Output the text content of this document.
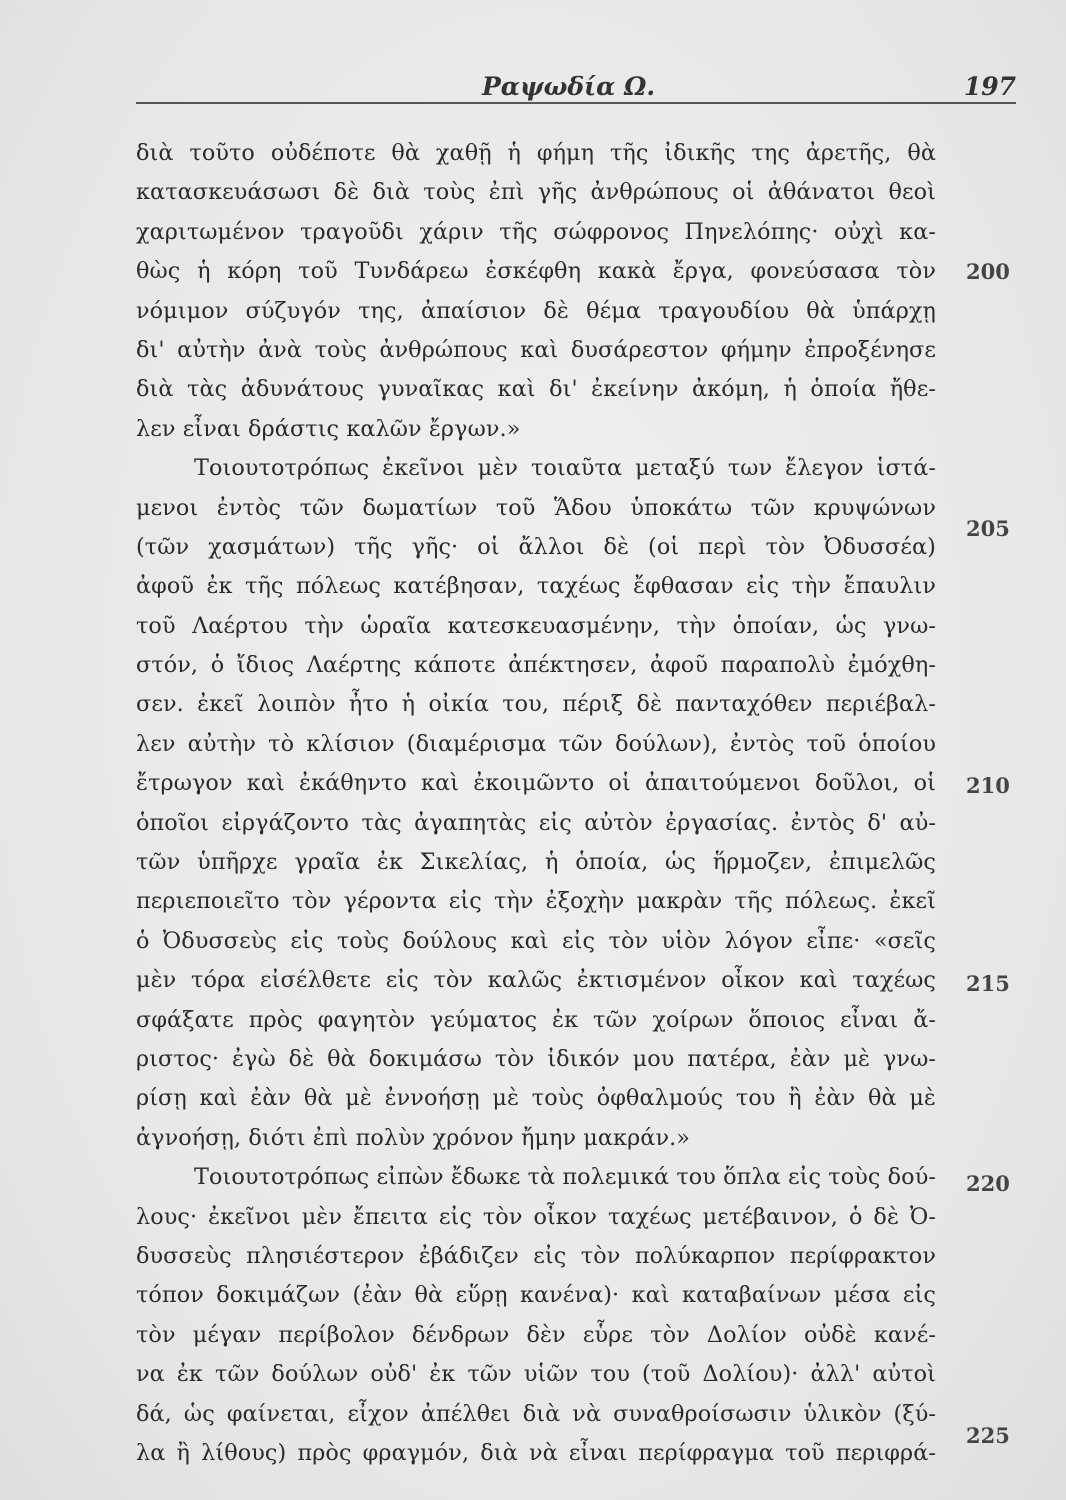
Ραψωδία Ω.	197
διὰ τοῦτο οὐδέποτε θὰ χαθῇ ἡ φήμη τῆς ἰδικῆς της ἀρετῆς, θὰ
κατασκευάσωσι δὲ διὰ τοὺς ἐπὶ γῆς ἀνθρώπους οἱ ἀθάνατοι θεοὶ
χαριτωμένον τραγοῦδι χάριν τῆς σώφρονος Πηνελόπης· οὐχὶ κα-
θὼς ἡ κόρη τοῦ Τυνδάρεω ἐσκέφθη κακὰ ἔργα, φονεύσασα τὸν
νόμιμον σύζυγόν της, ἀπαίσιον δὲ θέμα τραγουδίου θὰ ὑπάρχῃ
δι' αὐτὴν ἀνὰ τοὺς ἀνθρώπους καὶ δυσάρεστον φήμην ἐπροξένησε
διὰ τὰς ἀδυνάτους γυναῖκας καὶ δι' ἐκείνην ἀκόμη, ἡ ὁποία ἤθε-
λεν εἶναι δράστις καλῶν ἔργων.»
Τοιουτοτρόπως ἐκεῖνοι μὲν τοιαῦτα μεταξύ των ἔλεγον ἱστά-
μενοι ἐντὸς τῶν δωματίων τοῦ Ἅδου ὑποκάτω τῶν κρυψώνων
(τῶν χασμάτων) τῆς γῆς· οἱ ἄλλοι δὲ (οἱ περὶ τὸν Ὀδυσσέα)
ἀφοῦ ἐκ τῆς πόλεως κατέβησαν, ταχέως ἔφθασαν εἰς τὴν ἔπαυλιν
τοῦ Λαέρτου τὴν ὡραῖα κατεσκευασμένην, τὴν ὁποίαν, ὡς γνω-
στόν, ὁ ἴδιος Λαέρτης κάποτε ἀπέκτησεν, ἀφοῦ παραπολὺ ἐμόχθη-
σεν. ἐκεῖ λοιπὸν ἦτο ἡ οἰκία του, πέριξ δὲ πανταχόθεν περιέβαλ-
λεν αὐτὴν τὸ κλίσιον (διαμέρισμα τῶν δούλων), ἐντὸς τοῦ ὁποίου
ἔτρωγον καὶ ἐκάθηντο καὶ ἐκοιμῶντο οἱ ἀπαιτούμενοι δοῦλοι, οἱ
ὁποῖοι εἰργάζοντο τὰς ἀγαπητὰς εἰς αὐτὸν ἐργασίας. ἐντὸς δ' αὐ-
τῶν ὑπῆρχε γραῖα ἐκ Σικελίας, ἡ ὁποία, ὡς ἥρμοζεν, ἐπιμελῶς
περιεποιεῖτο τὸν γέροντα εἰς τὴν ἐξοχὴν μακρὰν τῆς πόλεως. ἐκεῖ
ὁ Ὀδυσσεὺς εἰς τοὺς δούλους καὶ εἰς τὸν υἱὸν λόγον εἶπε· «σεῖς
μὲν τόρα εἰσέλθετε εἰς τὸν καλῶς ἐκτισμένον οἶκον καὶ ταχέως
σφάξατε πρὸς φαγητὸν γεύματος ἐκ τῶν χοίρων ὅποιος εἶναι ἄ-
ριστος· ἐγὼ δὲ θὰ δοκιμάσω τὸν ἰδικόν μου πατέρα, ἐὰν μὲ γνω-
ρίσῃ καὶ ἐὰν θὰ μὲ ἐννοήσῃ μὲ τοὺς ὀφθαλμούς του ἢ ἐὰν θὰ μὲ
ἀγνοήσῃ, διότι ἐπὶ πολὺν χρόνον ἤμην μακράν.»
Τοιουτοτρόπως εἰπὼν ἔδωκε τὰ πολεμικά του ὅπλα εἰς τοὺς δού-
λους· ἐκεῖνοι μὲν ἔπειτα εἰς τὸν οἶκον ταχέως μετέβαινον, ὁ δὲ Ὀ-
δυσσεὺς πλησιέστερον ἐβάδιζεν εἰς τὸν πολύκαρπον περίφρακτον
τόπον δοκιμάζων (ἐὰν θὰ εὕρῃ κανένα)· καὶ καταβαίνων μέσα εἰς
τὸν μέγαν περίβολον δένδρων δὲν εὗρε τὸν Δολίον οὐδὲ κανέ-
να ἐκ τῶν δούλων οὐδ' ἐκ τῶν υἱῶν του (τοῦ Δολίου)· ἀλλ' αὐτοὶ
δά, ὡς φαίνεται, εἶχον ἀπέλθει διὰ νὰ συναθροίσωσιν ὑλικὸν (ξύ-
λα ἢ λίθους) πρὸς φραγμόν, διὰ νὰ εἶναι περίφραγμα τοῦ περιφρά-
200
205
210
215
220
225
